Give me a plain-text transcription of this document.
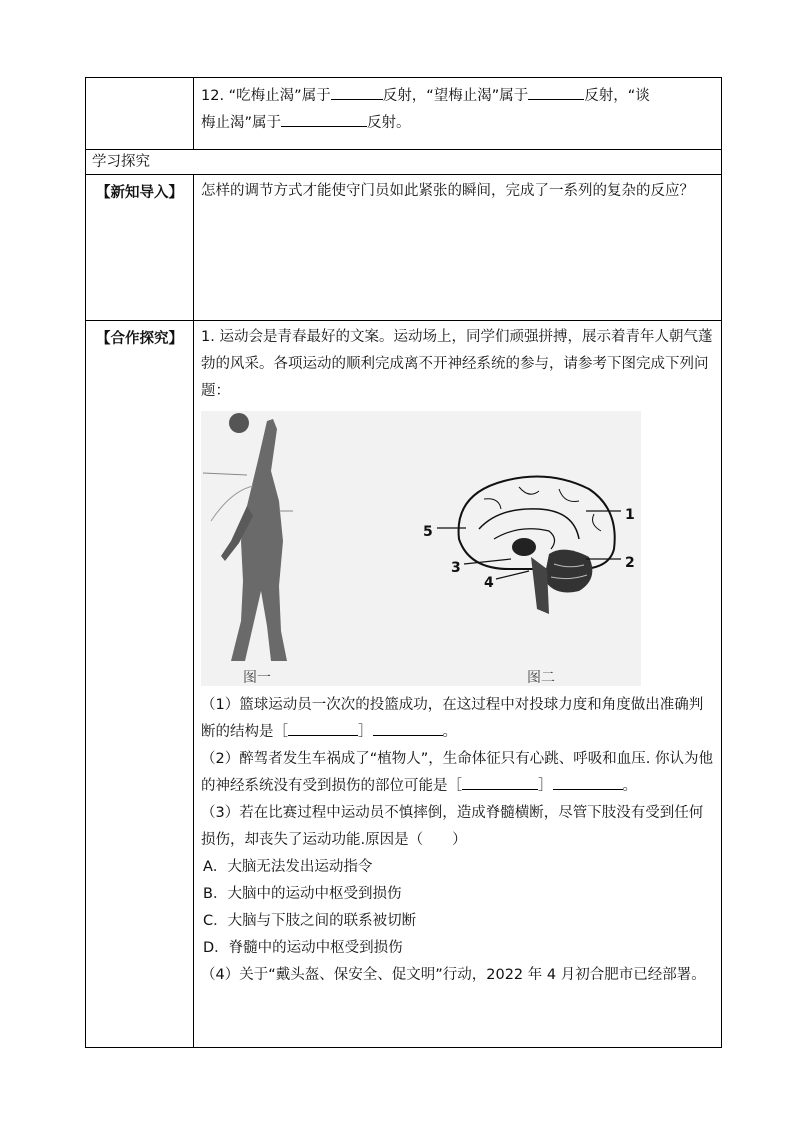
12. “吃梅止渴”属于	反射，“望梅止渴”属于	反射，“谈
梅止渴”属于	反射。
学习探究
【新知导入】	怎样的调节方式才能使守门员如此紧张的瞬间，完成了一系列的复杂的反应？
【合作探究】	1. 运动会是青春最好的文案。运动场上，同学们顽强拼搏，展示着青年人朝气蓬勃的风采。各项运动的顺利完成离不开神经系统的参与，请参考下图完成下列问题：

图一
1
2
3
4
5
图二

（1）篮球运动员一次次的投篮成功，在这过程中对投球力度和角度做出准确判断的结构是［	］	。

（2）醉驾者发生车祸成了“植物人”，生命体征只有心跳、呼吸和血压. 你认为他的神经系统没有受到损伤的部位可能是［	］	。

（3）若在比赛过程中运动员不慎摔倒，造成脊髓横断，尽管下肢没有受到任何损伤，却丧失了运动功能.原因是（　　）

A．大脑无法发出运动指令

B．大脑中的运动中枢受到损伤

C．大脑与下肢之间的联系被切断

D．脊髓中的运动中枢受到损伤

（4）关于“戴头盔、保安全、促文明”行动，2022 年 4 月初合肥市已经部署。
